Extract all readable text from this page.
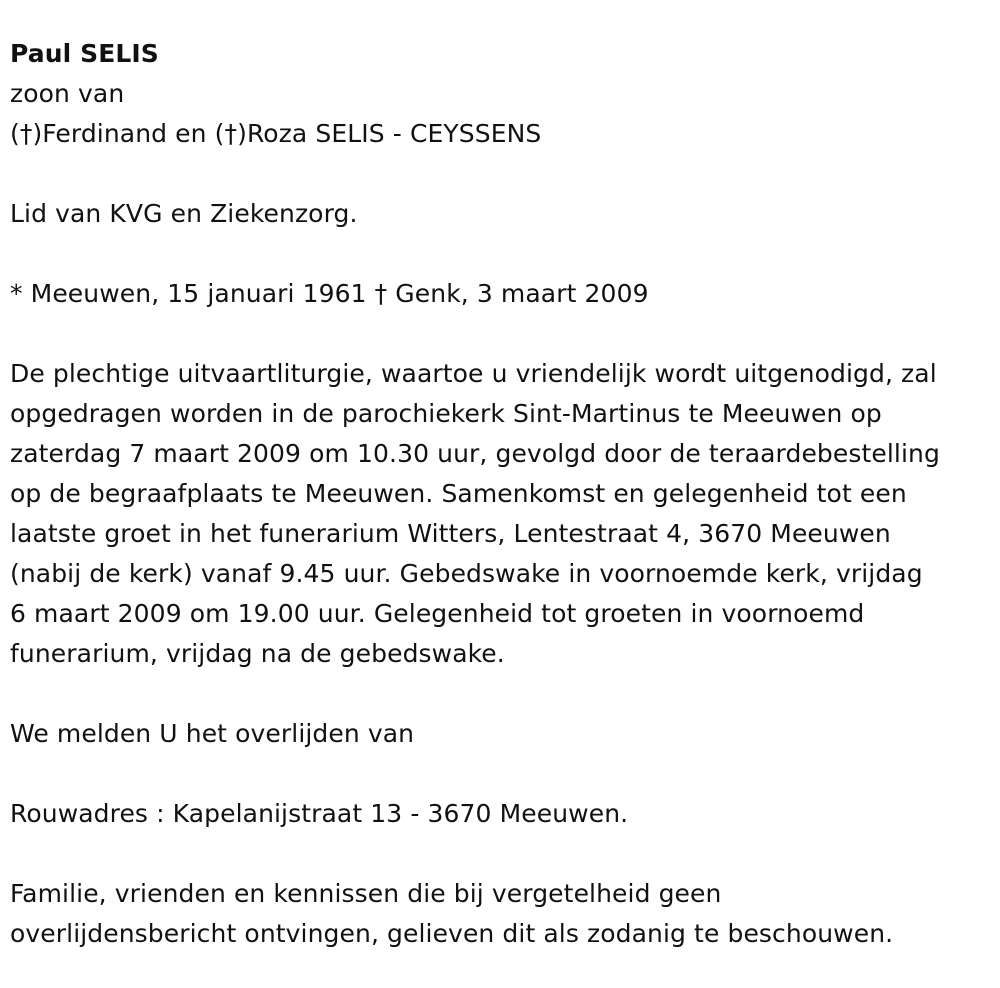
Paul SELIS
zoon van
(†)Ferdinand en (†)Roza SELIS - CEYSSENS
Lid van KVG en Ziekenzorg.
* Meeuwen, 15 januari 1961 † Genk, 3 maart 2009
De plechtige uitvaartliturgie, waartoe u vriendelijk wordt uitgenodigd, zal
opgedragen worden in de parochiekerk Sint-Martinus te Meeuwen op
zaterdag 7 maart 2009 om 10.30 uur, gevolgd door de teraardebestelling
op de begraafplaats te Meeuwen. Samenkomst en gelegenheid tot een
laatste groet in het funerarium Witters, Lentestraat 4, 3670 Meeuwen
(nabij de kerk) vanaf 9.45 uur. Gebedswake in voornoemde kerk, vrijdag
6 maart 2009 om 19.00 uur. Gelegenheid tot groeten in voornoemd
funerarium, vrijdag na de gebedswake.
We melden U het overlijden van
Rouwadres : Kapelanijstraat 13 - 3670 Meeuwen.
Familie, vrienden en kennissen die bij vergetelheid geen
overlijdensbericht ontvingen, gelieven dit als zodanig te beschouwen.
